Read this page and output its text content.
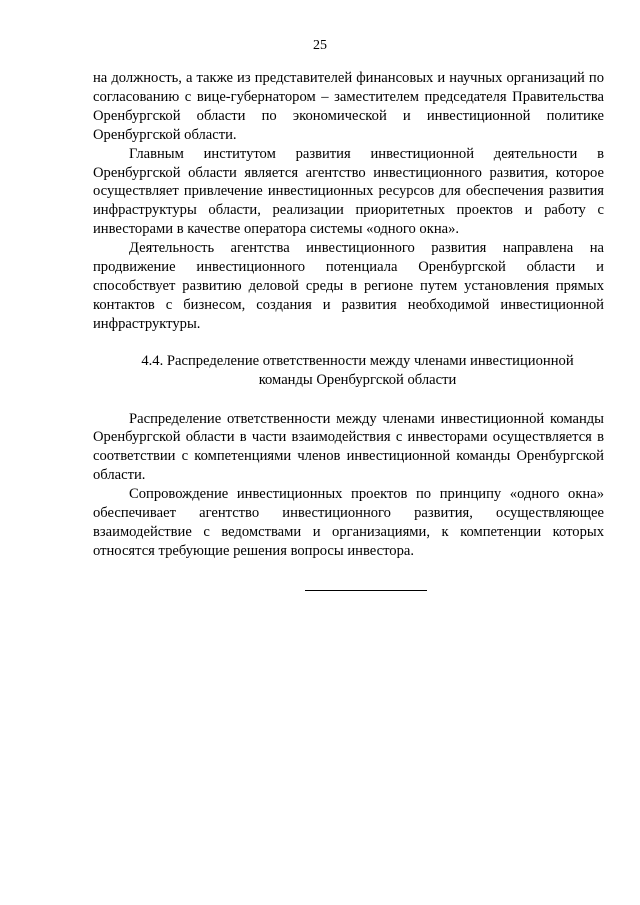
25

на должность, а также из представителей финансовых и научных организаций по согласованию с вице-губернатором – заместителем председателя Правительства Оренбургской области по экономической и инвестиционной политике Оренбургской области.

Главным институтом развития инвестиционной деятельности в Оренбургской области является агентство инвестиционного развития, которое осуществляет привлечение инвестиционных ресурсов для обеспечения развития инфраструктуры области, реализации приоритетных проектов и работу с инвесторами в качестве оператора системы «одного окна».

Деятельность агентства инвестиционного развития направлена на продвижение инвестиционного потенциала Оренбургской области и способствует развитию деловой среды в регионе путем установления прямых контактов с бизнесом, создания и развития необходимой инвестиционной инфраструктуры.

4.4. Распределение ответственности между членами инвестиционной
команды Оренбургской области

Распределение ответственности между членами инвестиционной команды Оренбургской области в части взаимодействия с инвесторами осуществляется в соответствии с компетенциями членов инвестиционной команды Оренбургской области.

Сопровождение инвестиционных проектов по принципу «одного окна» обеспечивает агентство инвестиционного развития, осуществляющее взаимодействие с ведомствами и организациями, к компетенции которых относятся требующие решения вопросы инвестора.
